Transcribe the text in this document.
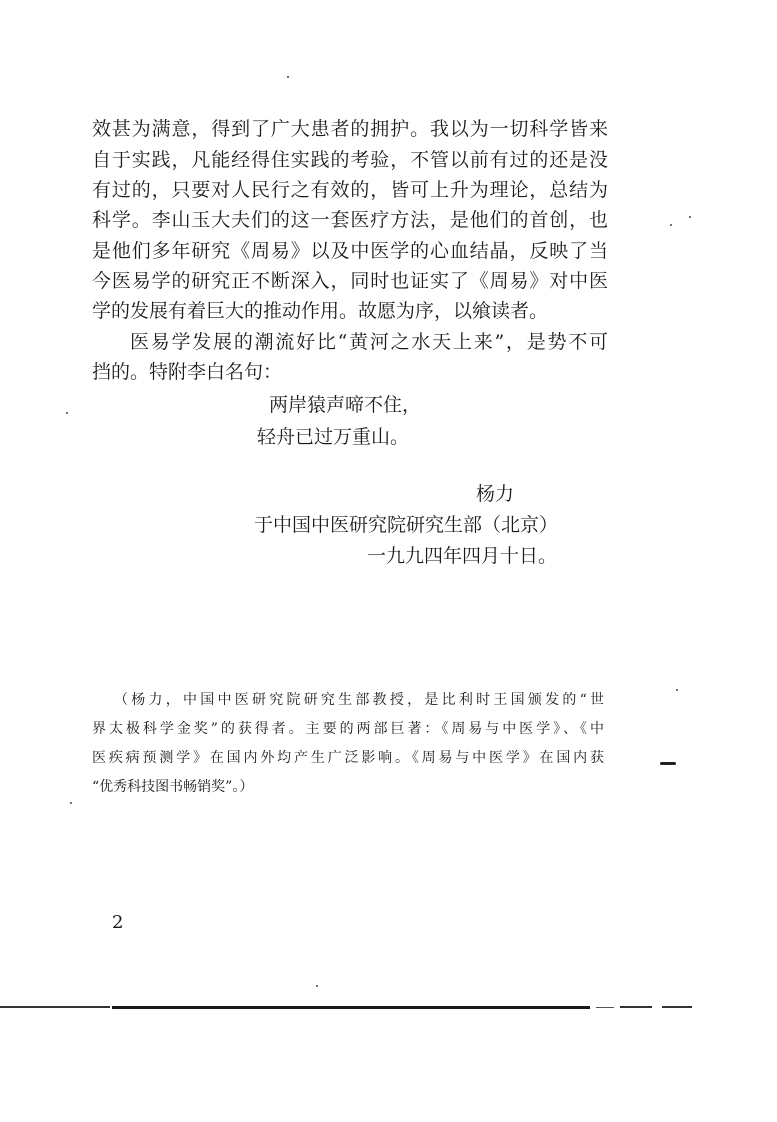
效甚为满意，得到了广大患者的拥护。我以为一切科学皆来
自于实践，凡能经得住实践的考验，不管以前有过的还是没
有过的，只要对人民行之有效的，皆可上升为理论，总结为
科学。李山玉大夫们的这一套医疗方法，是他们的首创，也
是他们多年研究《周易》以及中医学的心血结晶，反映了当
今医易学的研究正不断深入，同时也证实了《周易》对中医
学的发展有着巨大的推动作用。故愿为序，以飨读者。
医易学发展的潮流好比“黄河之水天上来”，是势不可
挡的。特附李白名句：
两岸猿声啼不住，
轻舟已过万重山。
杨力
于中国中医研究院研究生部（北京）
一九九四年四月十日。
（杨力，中国中医研究院研究生部教授，是比利时王国颁发的“世
界太极科学金奖”的获得者。主要的两部巨著：《周易与中医学》、《中
医疾病预测学》在国内外均产生广泛影响。《周易与中医学》在国内获
“优秀科技图书畅销奖”。）
2
